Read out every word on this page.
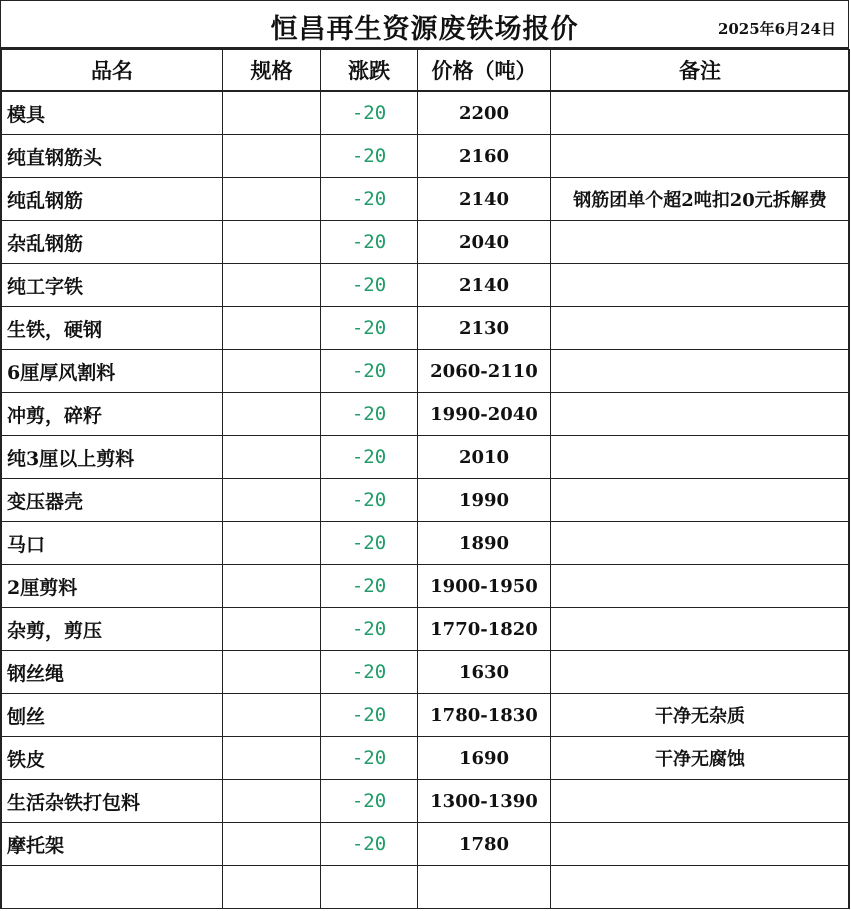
恒昌再生资源废铁场报价	2025年6月24日
品名	规格	涨跌	价格（吨）	备注
模具		-20	2200	
纯直钢筋头		-20	2160	
纯乱钢筋		-20	2140	钢筋团单个超2吨扣20元拆解费
杂乱钢筋		-20	2040	
纯工字铁		-20	2140	
生铁，硬钢		-20	2130	
6厘厚风割料		-20	2060-2110	
冲剪，碎籽		-20	1990-2040	
纯3厘以上剪料		-20	2010	
变压器壳		-20	1990	
马口		-20	1890	
2厘剪料		-20	1900-1950	
杂剪，剪压		-20	1770-1820	
钢丝绳		-20	1630	
刨丝		-20	1780-1830	干净无杂质
铁皮		-20	1690	干净无腐蚀
生活杂铁打包料		-20	1300-1390	
摩托架		-20	1780	
